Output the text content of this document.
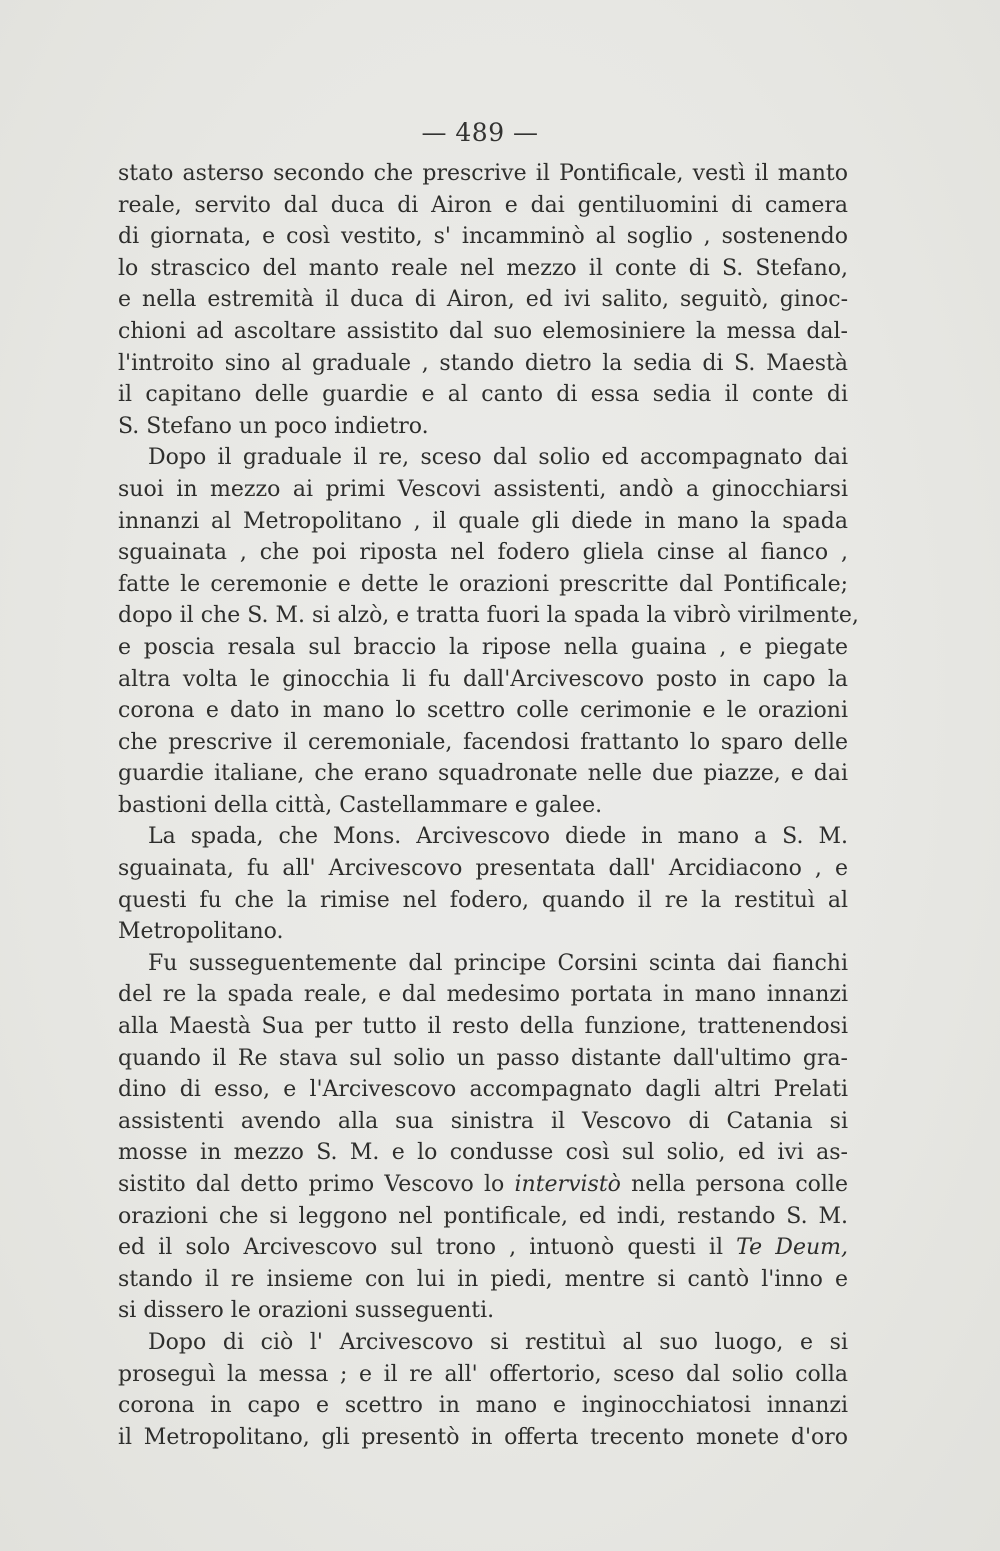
— 489 —
stato asterso secondo che prescrive il Pontificale, vestì il manto
reale, servito dal duca di Airon e dai gentiluomini di camera
di giornata, e così vestito, s' incamminò al soglio , sostenendo
lo strascico del manto reale nel mezzo il conte di S. Stefano,
e nella estremità il duca di Airon, ed ivi salito, seguitò, ginoc-
chioni ad ascoltare assistito dal suo elemosiniere la messa dal-
l'introito sino al graduale , stando dietro la sedia di S. Maestà
il capitano delle guardie e al canto di essa sedia il conte di
S. Stefano un poco indietro.
Dopo il graduale il re, sceso dal solio ed accompagnato dai
suoi in mezzo ai primi Vescovi assistenti, andò a ginocchiarsi
innanzi al Metropolitano , il quale gli diede in mano la spada
sguainata , che poi riposta nel fodero gliela cinse al fianco ,
fatte le ceremonie e dette le orazioni prescritte dal Pontificale;
dopo il che S. M. si alzò, e tratta fuori la spada la vibrò virilmente,
e poscia resala sul braccio la ripose nella guaina , e piegate
altra volta le ginocchia li fu dall'Arcivescovo posto in capo la
corona e dato in mano lo scettro colle cerimonie e le orazioni
che prescrive il ceremoniale, facendosi frattanto lo sparo delle
guardie italiane, che erano squadronate nelle due piazze, e dai
bastioni della città, Castellammare e galee.
La spada, che Mons. Arcivescovo diede in mano a S. M.
sguainata, fu all' Arcivescovo presentata dall' Arcidiacono , e
questi fu che la rimise nel fodero, quando il re la restituì al
Metropolitano.
Fu susseguentemente dal principe Corsini scinta dai fianchi
del re la spada reale, e dal medesimo portata in mano innanzi
alla Maestà Sua per tutto il resto della funzione, trattenendosi
quando il Re stava sul solio un passo distante dall'ultimo gra-
dino di esso, e l'Arcivescovo accompagnato dagli altri Prelati
assistenti avendo alla sua sinistra il Vescovo di Catania si
mosse in mezzo S. M. e lo condusse così sul solio, ed ivi as-
sistito dal detto primo Vescovo lo intervistò nella persona colle
orazioni che si leggono nel pontificale, ed indi, restando S. M.
ed il solo Arcivescovo sul trono , intuonò questi il Te Deum,
stando il re insieme con lui in piedi, mentre si cantò l'inno e
si dissero le orazioni susseguenti.
Dopo di ciò l' Arcivescovo si restituì al suo luogo, e si
proseguì la messa ; e il re all' offertorio, sceso dal solio colla
corona in capo e scettro in mano e inginocchiatosi innanzi
il Metropolitano, gli presentò in offerta trecento monete d'oro
